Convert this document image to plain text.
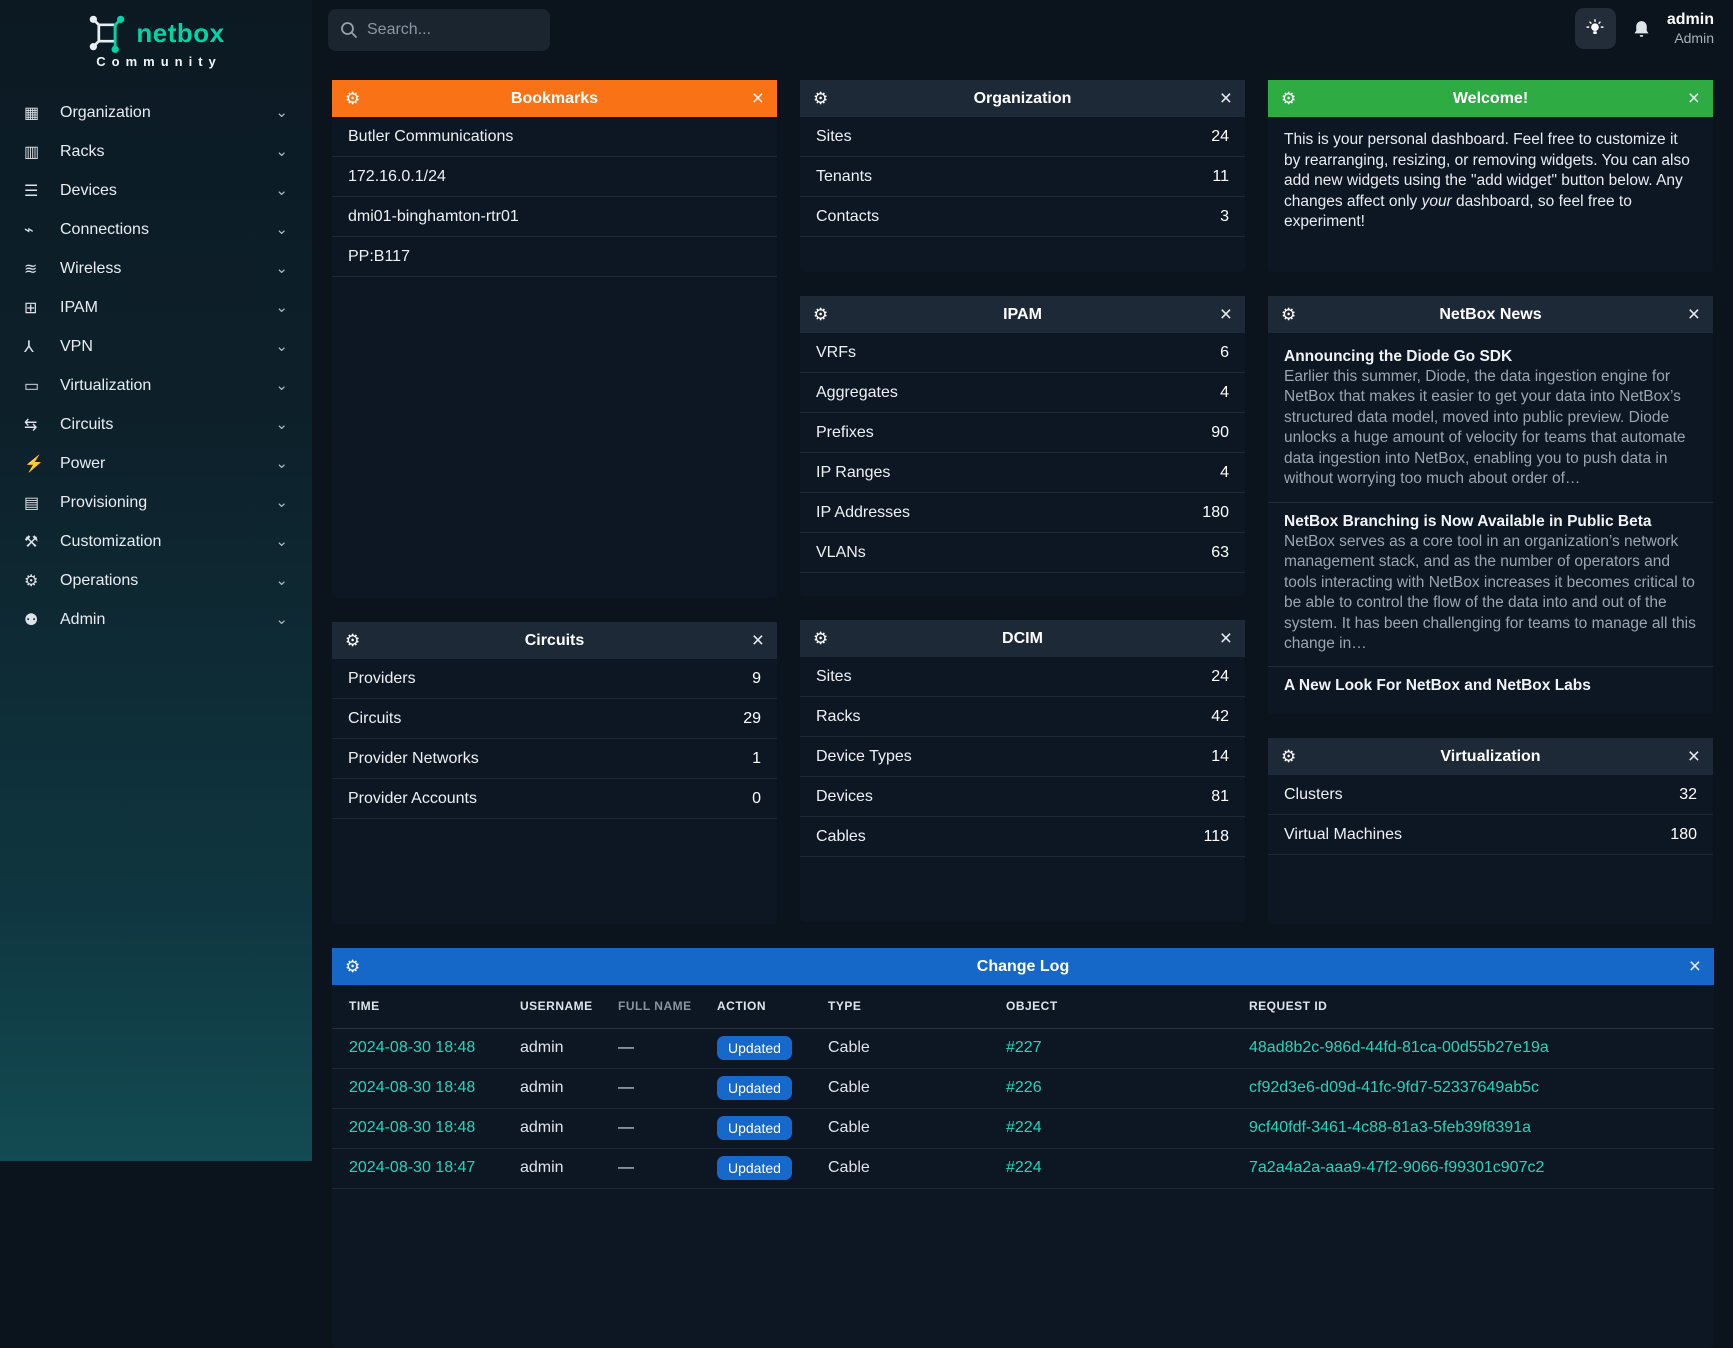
netbox
Community
▦	Organization	⌄
▥	Racks	⌄
☰	Devices	⌄
⌁	Connections	⌄
≋	Wireless	⌄
⊞	IPAM	⌄
⅄	VPN	⌄
▭	Virtualization	⌄
⇆	Circuits	⌄
⚡	Power	⌄
▤	Provisioning	⌄
⚒	Customization	⌄
⚙	Operations	⌄
⚉	Admin	⌄
Search...
admin
Admin
⚙	Bookmarks	×
Butler Communications
172.16.0.1/24
dmi01-binghamton-rtr01
PP:B117
⚙	Circuits	×
Providers	9
Circuits	29
Provider Networks	1
Provider Accounts	0
⚙	Organization	×
Sites	24
Tenants	11
Contacts	3
⚙	IPAM	×
VRFs	6
Aggregates	4
Prefixes	90
IP Ranges	4
IP Addresses	180
VLANs	63
⚙	DCIM	×
Sites	24
Racks	42
Device Types	14
Devices	81
Cables	118
⚙	Welcome!	×
This is your personal dashboard. Feel free to customize it by rearranging, resizing, or removing widgets. You can also add new widgets using the "add widget" button below. Any changes affect only your dashboard, so feel free to experiment!
⚙	NetBox News	×
Announcing the Diode Go SDK
Earlier this summer, Diode, the data ingestion engine for NetBox that makes it easier to get your data into NetBox’s structured data model, moved into public preview. Diode unlocks a huge amount of velocity for teams that automate data ingestion into NetBox, enabling you to push data in without worrying too much about order of…
NetBox Branching is Now Available in Public Beta
NetBox serves as a core tool in an organization’s network management stack, and as the number of operators and tools interacting with NetBox increases it becomes critical to be able to control the flow of the data into and out of the system. It has been challenging for teams to manage all this change in…
A New Look For NetBox and NetBox Labs
⚙	Virtualization	×
Clusters	32
Virtual Machines	180
⚙	Change Log	×
TIME	USERNAME	FULL NAME	ACTION	TYPE	OBJECT	REQUEST ID
2024-08-30 18:48	admin	—	Updated	Cable	#227	48ad8b2c-986d-44fd-81ca-00d55b27e19a
2024-08-30 18:48	admin	—	Updated	Cable	#226	cf92d3e6-d09d-41fc-9fd7-52337649ab5c
2024-08-30 18:48	admin	—	Updated	Cable	#224	9cf40fdf-3461-4c88-81a3-5feb39f8391a
2024-08-30 18:47	admin	—	Updated	Cable	#224	7a2a4a2a-aaa9-47f2-9066-f99301c907c2
